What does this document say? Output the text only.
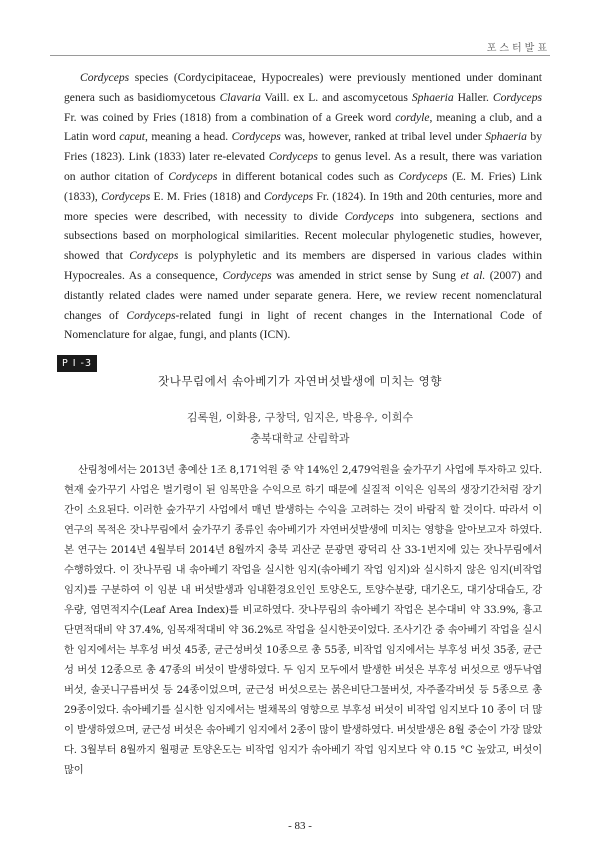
포스터발표
Cordyceps species (Cordycipitaceae, Hypocreales) were previously mentioned under dominant genera such as basidiomycetous Clavaria Vaill. ex L. and ascomycetous Sphaeria Haller. Cordyceps Fr. was coined by Fries (1818) from a combination of a Greek word cordyle, meaning a club, and a Latin word caput, meaning a head. Cordyceps was, however, ranked at tribal level under Sphaeria by Fries (1823). Link (1833) later re-elevated Cordyceps to genus level. As a result, there was variation on author citation of Cordyceps in different botanical codes such as Cordyceps (E. M. Fries) Link (1833), Cordyceps E. M. Fries (1818) and Cordyceps Fr. (1824). In 19th and 20th centuries, more and more species were described, with necessity to divide Cordyceps into subgenera, sections and subsections based on morphological similarities. Recent molecular phylogenetic studies, however, showed that Cordyceps is polyphyletic and its members are dispersed in various clades within Hypocreales. As a consequence, Cordyceps was amended in strict sense by Sung et al. (2007) and distantly related clades were named under separate genera. Here, we review recent nomenclatural changes of Cordyceps-related fungi in light of recent changes in the International Code of Nomenclature for algae, fungi, and plants (ICN).
P I -3
잣나무림에서 솎아베기가 자연버섯발생에 미치는 영향
김록원, 이화용, 구창덕, 임지은, 박용우, 이희수
충북대학교 산림학과
산림청에서는 2013년 총예산 1조 8,171억원 중 약 14%인 2,479억원을 숲가꾸기 사업에 투자하고 있다. 현재 숲가꾸기 사업은 벌기령이 된 임목만을 수익으로 하기 때문에 실질적 이익은 임목의 생장기간처럼 장기간이 소요된다. 이러한 숲가꾸기 사업에서 매년 발생하는 수익을 고려하는 것이 바람직 할 것이다. 따라서 이 연구의 목적은 잣나무림에서 숲가꾸기 종류인 솎아베기가 자연버섯발생에 미치는 영향을 알아보고자 하였다. 본 연구는 2014년 4월부터 2014년 8월까지 충북 괴산군 문광면 광덕리 산 33-1번지에 있는 잣나무림에서 수행하였다. 이 잣나무림 내 솎아베기 작업을 실시한 임지(솎아베기 작업 임지)와 실시하지 않은 임지(비작업 임지)를 구분하여 이 임분 내 버섯발생과 임내환경요인인 토양온도, 토양수분량, 대기온도, 대기상대습도, 강우량, 엽면적지수(Leaf Area Index)를 비교하였다. 잣나무림의 솎아베기 작업은 본수대비 약 33.9%, 흉고단면적대비 약 37.4%, 임목재적대비 약 36.2%로 작업을 실시한곳이었다. 조사기간 중 솎아베기 작업을 실시한 임지에서는 부후성 버섯 45종, 균근성버섯 10종으로 총 55종, 비작업 임지에서는 부후성 버섯 35종, 균근성 버섯 12종으로 총 47종의 버섯이 발생하였다. 두 임지 모두에서 발생한 버섯은 부후성 버섯으로 앵두낙엽버섯, 솔곳니구름버섯 등 24종이었으며, 균근성 버섯으로는 붉은비단그물버섯, 자주졸각버섯 등 5종으로 총 29종이었다. 솎아베기를 실시한 임지에서는 벌채목의 영향으로 부후성 버섯이 비작업 임지보다 10 종이 더 많이 발생하였으며, 균근성 버섯은 솎아베기 임지에서 2종이 많이 발생하였다. 버섯발생은 8월 중순이 가장 많았다. 3월부터 8월까지 월평균 토양온도는 비작업 임지가 솎아베기 작업 임지보다 약 0.15 °C 높았고, 버섯이 많이
- 83 -
